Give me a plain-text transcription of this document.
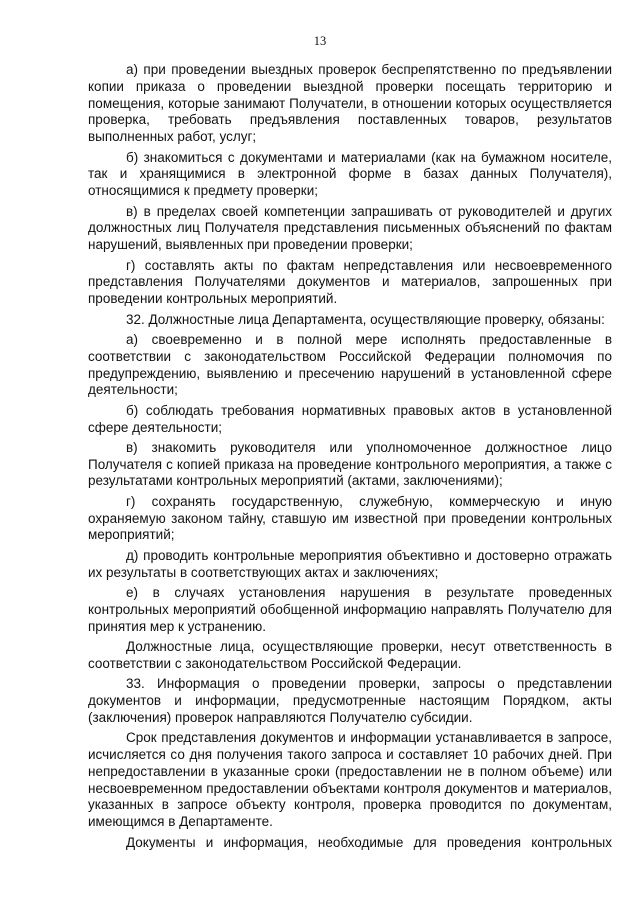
13

а) при проведении выездных проверок беспрепятственно по предъявлении копии приказа о проведении выездной проверки посещать территорию и помещения, которые занимают Получатели, в отношении которых осуществляется проверка, требовать предъявления поставленных товаров, результатов выполненных работ, услуг;

б) знакомиться с документами и материалами (как на бумажном носителе, так и хранящимися в электронной форме в базах данных Получателя), относящимися к предмету проверки;

в) в пределах своей компетенции запрашивать от руководителей и других должностных лиц Получателя представления письменных объяснений по фактам нарушений, выявленных при проведении проверки;

г) составлять акты по фактам непредставления или несвоевременного представления Получателями документов и материалов, запрошенных при проведении контрольных мероприятий.

32. Должностные лица Департамента, осуществляющие проверку, обязаны:

а) своевременно и в полной мере исполнять предоставленные в соответствии с законодательством Российской Федерации полномочия по предупреждению, выявлению и пресечению нарушений в установленной сфере деятельности;

б) соблюдать требования нормативных правовых актов в установленной сфере деятельности;

в) знакомить руководителя или уполномоченное должностное лицо Получателя с копией приказа на проведение контрольного мероприятия, а также с результатами контрольных мероприятий (актами, заключениями);

г) сохранять государственную, служебную, коммерческую и иную охраняемую законом тайну, ставшую им известной при проведении контрольных мероприятий;

д) проводить контрольные мероприятия объективно и достоверно отражать их результаты в соответствующих актах и заключениях;

е) в случаях установления нарушения в результате проведенных контрольных мероприятий обобщенной информацию направлять Получателю для принятия мер к устранению.

Должностные лица, осуществляющие проверки, несут ответственность в соответствии с законодательством Российской Федерации.

33. Информация о проведении проверки, запросы о представлении документов и информации, предусмотренные настоящим Порядком, акты (заключения) проверок направляются Получателю субсидии.

Срок представления документов и информации устанавливается в запросе, исчисляется со дня получения такого запроса и составляет 10 рабочих дней. При непредоставлении в указанные сроки (предоставлении не в полном объеме) или несвоевременном предоставлении объектами контроля документов и материалов, указанных в запросе объекту контроля, проверка проводится по документам, имеющимся в Департаменте.

Документы и информация, необходимые для проведения контрольных
